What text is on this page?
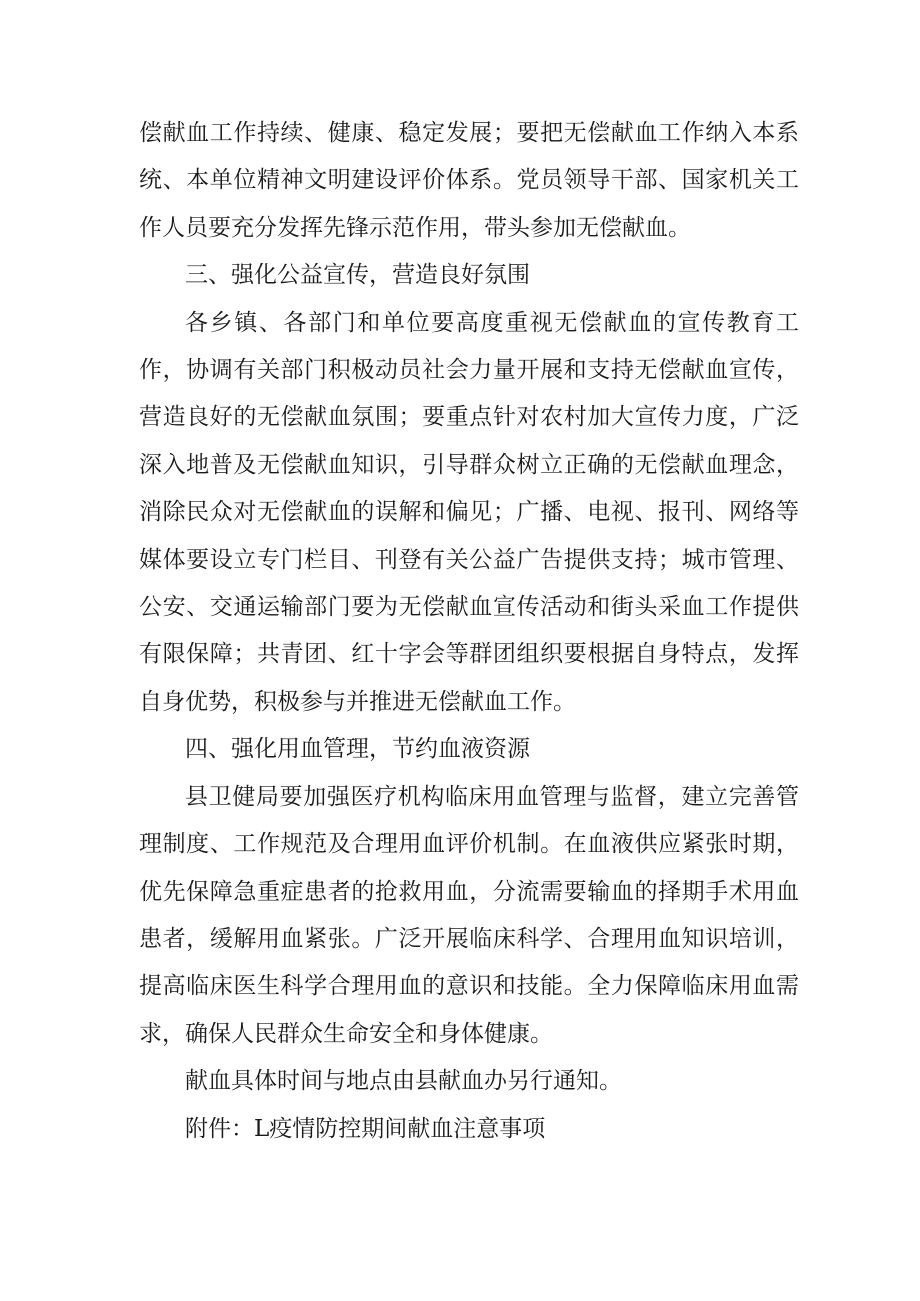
偿献血工作持续、健康、稳定发展；要把无偿献血工作纳入本系统、本单位精神文明建设评价体系。党员领导干部、国家机关工作人员要充分发挥先锋示范作用，带头参加无偿献血。

三、强化公益宣传，营造良好氛围

各乡镇、各部门和单位要高度重视无偿献血的宣传教育工作，协调有关部门积极动员社会力量开展和支持无偿献血宣传，营造良好的无偿献血氛围；要重点针对农村加大宣传力度，广泛深入地普及无偿献血知识，引导群众树立正确的无偿献血理念，消除民众对无偿献血的误解和偏见；广播、电视、报刊、网络等媒体要设立专门栏目、刊登有关公益广告提供支持；城市管理、公安、交通运输部门要为无偿献血宣传活动和街头采血工作提供有限保障；共青团、红十字会等群团组织要根据自身特点，发挥自身优势，积极参与并推进无偿献血工作。

四、强化用血管理，节约血液资源

县卫健局要加强医疗机构临床用血管理与监督，建立完善管理制度、工作规范及合理用血评价机制。在血液供应紧张时期，优先保障急重症患者的抢救用血，分流需要输血的择期手术用血患者，缓解用血紧张。广泛开展临床科学、合理用血知识培训，提高临床医生科学合理用血的意识和技能。全力保障临床用血需求，确保人民群众生命安全和身体健康。

献血具体时间与地点由县献血办另行通知。

附件：L疫情防控期间献血注意事项
